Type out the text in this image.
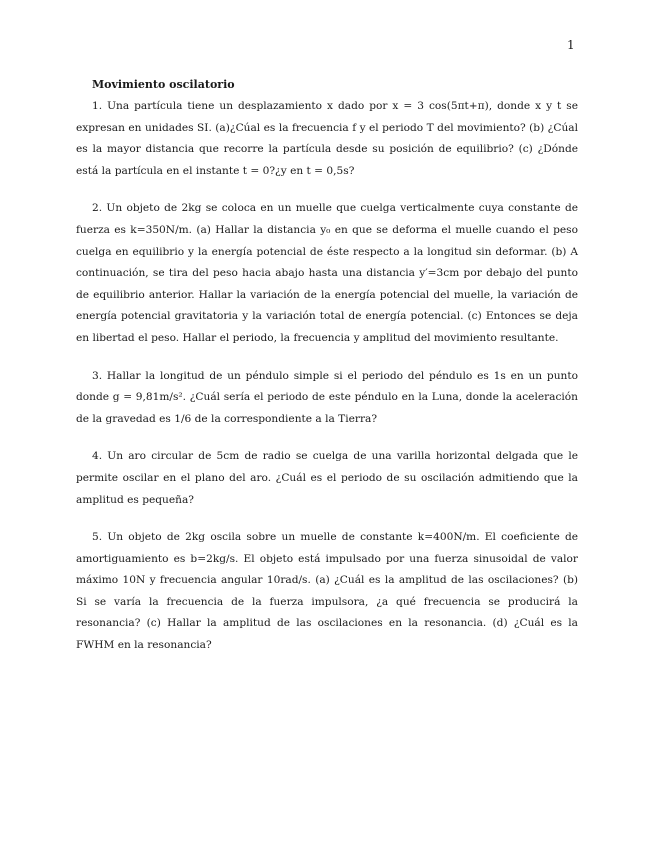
1
Movimiento oscilatorio

1. Una partícula tiene un desplazamiento x dado por x = 3 cos(5πt+π), donde x y t se expresan en unidades SI. (a)¿Cúal es la frecuencia f y el periodo T del movimiento? (b) ¿Cúal es la mayor distancia que recorre la partícula desde su posición de equilibrio? (c) ¿Dónde está la partícula en el instante t = 0?¿y en t = 0,5s?

2. Un objeto de 2kg se coloca en un muelle que cuelga verticalmente cuya constante de fuerza es k=350N/m. (a) Hallar la distancia y₀ en que se deforma el muelle cuando el peso cuelga en equilibrio y la energía potencial de éste respecto a la longitud sin deformar. (b) A continuación, se tira del peso hacia abajo hasta una distancia y′=3cm por debajo del punto de equilibrio anterior. Hallar la variación de la energía potencial del muelle, la variación de energía potencial gravitatoria y la variación total de energía potencial. (c) Entonces se deja en libertad el peso. Hallar el periodo, la frecuencia y amplitud del movimiento resultante.

3. Hallar la longitud de un péndulo simple si el periodo del péndulo es 1s en un punto donde g = 9,81m/s². ¿Cuál sería el periodo de este péndulo en la Luna, donde la aceleración de la gravedad es 1/6 de la correspondiente a la Tierra?

4. Un aro circular de 5cm de radio se cuelga de una varilla horizontal delgada que le permite oscilar en el plano del aro. ¿Cuál es el periodo de su oscilación admitiendo que la amplitud es pequeña?

5. Un objeto de 2kg oscila sobre un muelle de constante k=400N/m. El coeficiente de amortiguamiento es b=2kg/s. El objeto está impulsado por una fuerza sinusoidal de valor máximo 10N y frecuencia angular 10rad/s. (a) ¿Cuál es la amplitud de las oscilaciones? (b) Si se varía la frecuencia de la fuerza impulsora, ¿a qué frecuencia se producirá la resonancia? (c) Hallar la amplitud de las oscilaciones en la resonancia. (d) ¿Cuál es la FWHM en la resonancia?
